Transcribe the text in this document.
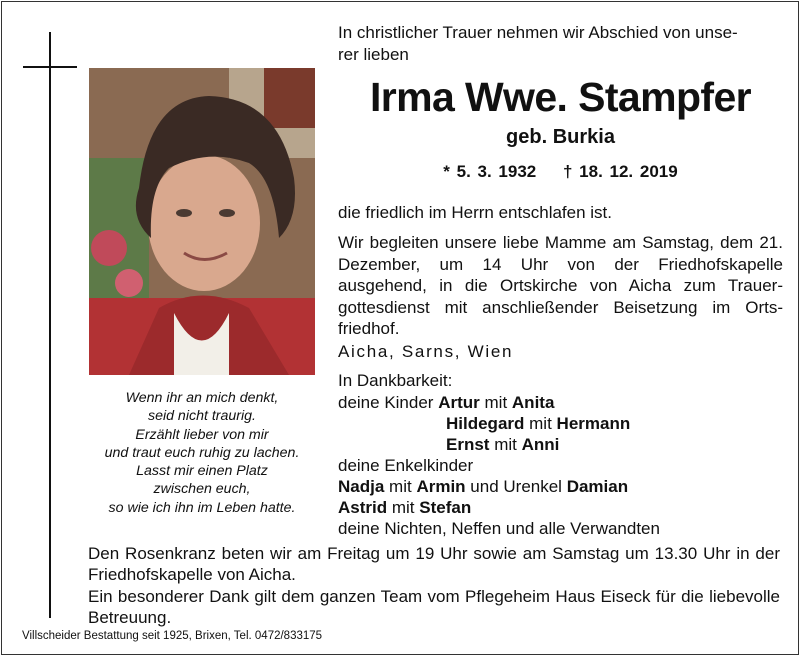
Wenn ihr an mich denkt,
seid nicht traurig.
Erzählt lieber von mir
und traut euch ruhig zu lachen.
Lasst mir einen Platz
zwischen euch,
so wie ich ihn im Leben hatte.
In christlicher Trauer nehmen wir Abschied von unse-
rer lieben
Irma Wwe. Stampfer
geb. Burkia
* 5. 3. 1932 † 18. 12. 2019
die friedlich im Herrn entschlafen ist.
Wir begleiten unsere liebe Mamme am Samstag, dem 21. Dezember, um 14 Uhr von der Friedhofskapelle ausgehend, in die Ortskirche von Aicha zum Trauer-gottesdienst mit anschließender Beisetzung im Orts-friedhof.
Aicha, Sarns, Wien
In Dankbarkeit:
deine Kinder Artur mit Anita
Hildegard mit Hermann
Ernst mit Anni
deine Enkelkinder
Nadja mit Armin und Urenkel Damian
Astrid mit Stefan
deine Nichten, Neffen und alle Verwandten
Den Rosenkranz beten wir am Freitag um 19 Uhr sowie am Samstag um 13.30 Uhr in der Friedhofskapelle von Aicha.
Ein besonderer Dank gilt dem ganzen Team vom Pflegeheim Haus Eiseck für die liebevolle Betreuung.
Villscheider Bestattung seit 1925, Brixen, Tel. 0472/833175
